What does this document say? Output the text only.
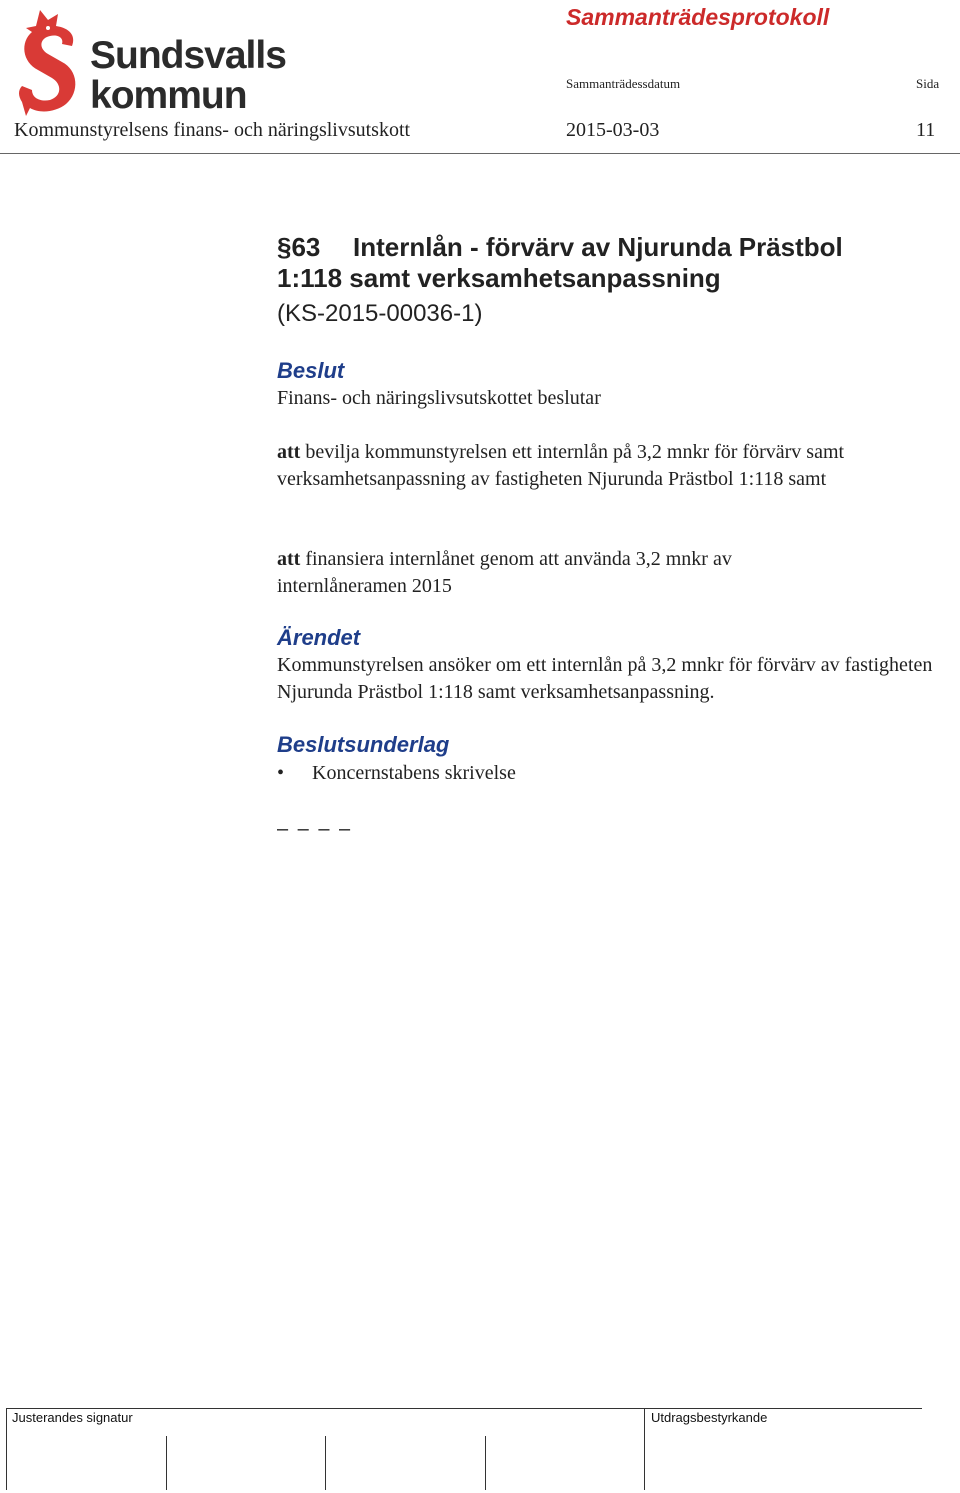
Sundsvalls
kommun
Sammanträdesprotokoll
Sammanträdessdatum	Sida
Kommunstyrelsens finans- och näringslivsutskott	2015-03-03	11
§63 Internlån - förvärv av Njurunda Prästbol
1:118 samt verksamhetsanpassning
(KS-2015-00036-1)
Beslut
Finans- och näringslivsutskottet beslutar
att bevilja kommunstyrelsen ett internlån på 3,2 mnkr för förvärv samt verksamhetsanpassning av fastigheten Njurunda Prästbol 1:118 samt
att finansiera internlånet genom att använda 3,2 mnkr av internlåneramen 2015
Ärendet
Kommunstyrelsen ansöker om ett internlån på 3,2 mnkr för förvärv av fastigheten Njurunda Prästbol 1:118 samt verksamhetsanpassning.
Beslutsunderlag
• Koncernstabens skrivelse
– – – –
Justerandes signatur	Utdragsbestyrkande
